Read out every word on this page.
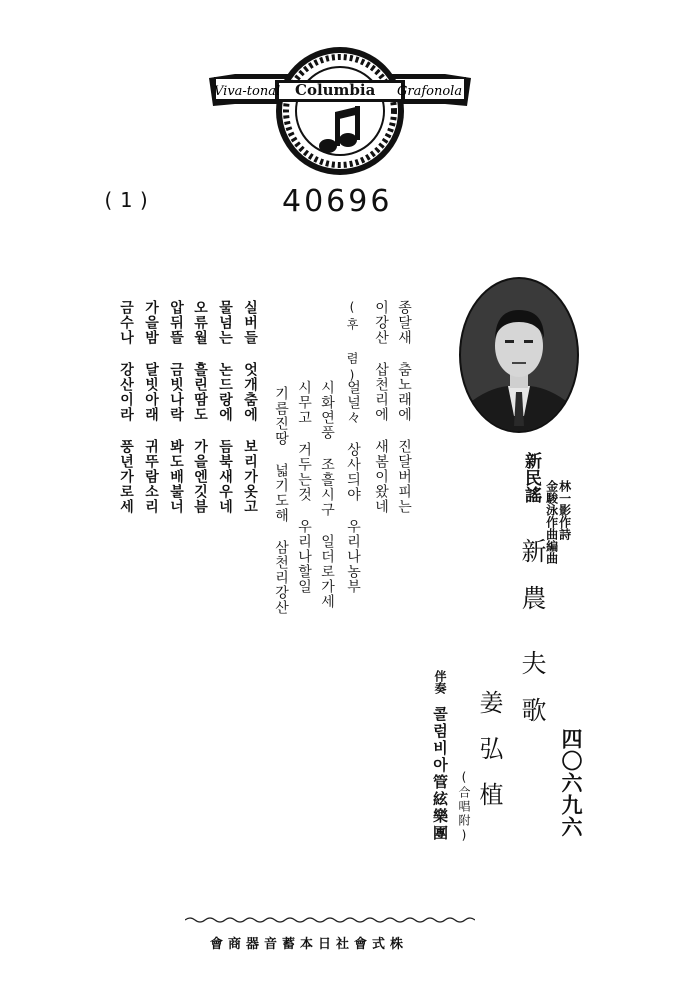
Viva-tonal Columbia Grafonola
(1)	40696
新民謠
林一影作詩
金駿泳作曲編曲
新農
夫歌
姜弘植
(合唱附)
伴奏
콜럼비아管絃樂團	四〇六九六
종달새 춤노래에 진달버피는
이강산 삽천리에 새봄이왔네
(후 렴)
얼널々 상사듸야 우리나농부
시화연풍 조흘시구 일더로가세
시무고 거두는것 우리나할일
기름진땅 넓기도해 삼천리강산
실버들 엇개춤에 보리가옷고
물넘는 논드랑에 듬북새우네
오류월 흘린땀도 가을엔깃븜
압뒤뜰 금빗나락 봐도배불너
가을밤 달빗아래 귀뚜람소리
금수나 강산이라 풍년가로세
株式會社日本蓄音器商會
